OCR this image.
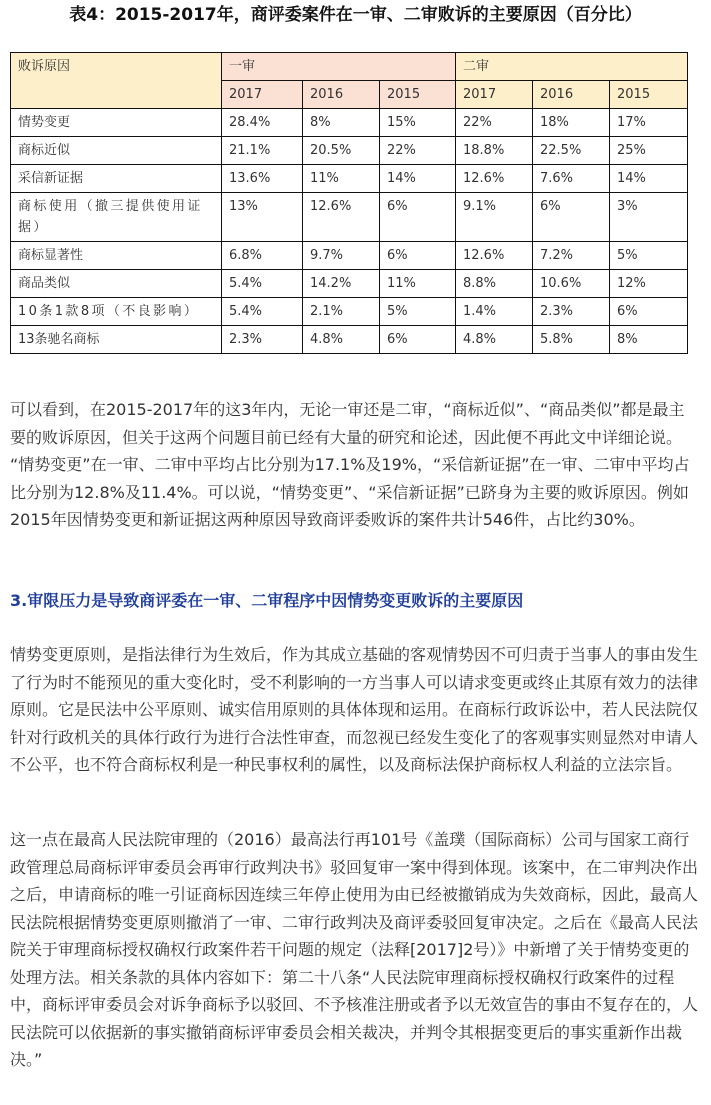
表4：2015-2017年，商评委案件在一审、二审败诉的主要原因（百分比）
败诉原因	一审			二审		
	2017	2016	2015	2017	2016	2015
情势变更	28.4%	8%	15%	22%	18%	17%
商标近似	21.1%	20.5%	22%	18.8%	22.5%	25%
采信新证据	13.6%	11%	14%	12.6%	7.6%	14%
商标使用（撤三提供使用证据）	13%	12.6%	6%	9.1%	6%	3%
商标显著性	6.8%	9.7%	6%	12.6%	7.2%	5%
商品类似	5.4%	14.2%	11%	8.8%	10.6%	12%
10条1款8项（不良影响）	5.4%	2.1%	5%	1.4%	2.3%	6%
13条驰名商标	2.3%	4.8%	6%	4.8%	5.8%	8%

可以看到，在2015-2017年的这3年内，无论一审还是二审，“商标近似”、“商品类似”都是最主要的败诉原因，但关于这两个问题目前已经有大量的研究和论述，因此便不再此文中详细论说。 “情势变更”在一审、二审中平均占比分别为17.1%及19%，“采信新证据”在一审、二审中平均占比分别为12.8%及11.4%。可以说，“情势变更”、“采信新证据”已跻身为主要的败诉原因。例如2015年因情势变更和新证据这两种原因导致商评委败诉的案件共计546件，占比约30%。

3.审限压力是导致商评委在一审、二审程序中因情势变更败诉的主要原因

情势变更原则，是指法律行为生效后，作为其成立基础的客观情势因不可归责于当事人的事由发生了行为时不能预见的重大变化时，受不利影响的一方当事人可以请求变更或终止其原有效力的法律原则。它是民法中公平原则、诚实信用原则的具体体现和运用。在商标行政诉讼中，若人民法院仅针对行政机关的具体行政行为进行合法性审查，而忽视已经发生变化了的客观事实则显然对申请人不公平，也不符合商标权利是一种民事权利的属性，以及商标法保护商标权人利益的立法宗旨。

这一点在最高人民法院审理的（2016）最高法行再101号《盖璞（国际商标）公司与国家工商行政管理总局商标评审委员会再审行政判决书》驳回复审一案中得到体现。该案中，在二审判决作出之后，申请商标的唯一引证商标因连续三年停止使用为由已经被撤销成为失效商标，因此，最高人民法院根据情势变更原则撤消了一审、二审行政判决及商评委驳回复审决定。之后在《最高人民法院关于审理商标授权确权行政案件若干问题的规定（法释[2017]2号）》中新增了关于情势变更的处理方法。相关条款的具体内容如下：第二十八条“人民法院审理商标授权确权行政案件的过程中，商标评审委员会对诉争商标予以驳回、不予核准注册或者予以无效宣告的事由不复存在的，人民法院可以依据新的事实撤销商标评审委员会相关裁决，并判令其根据变更后的事实重新作出裁决。”
